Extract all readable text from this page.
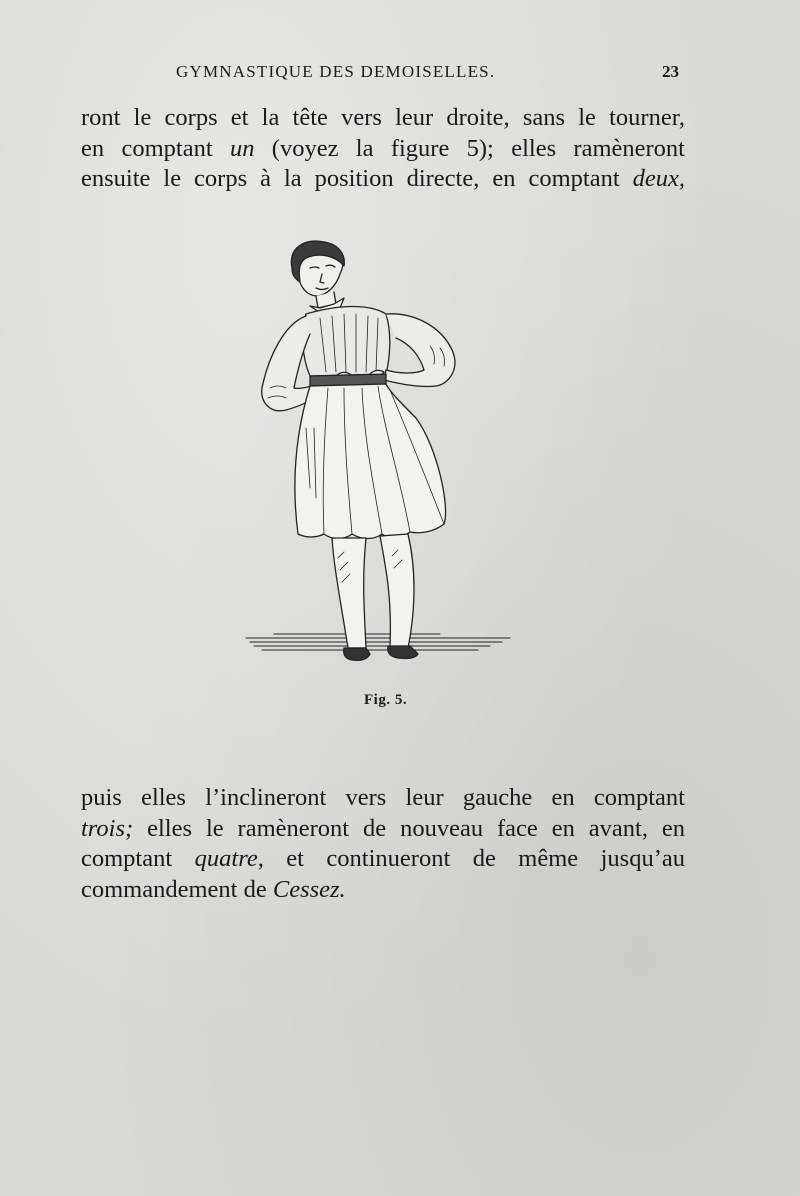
GYMNASTIQUE DES DEMOISELLES.	23
ront le corps et la tête vers leur droite, sans le tourner,
en comptant un (voyez la figure 5); elles ramèneront
ensuite le corps à la position directe, en comptant deux,
Fig. 5.
puis elles l’inclineront vers leur gauche en comptant
trois; elles le ramèneront de nouveau face en avant, en
comptant quatre, et continueront de même jusqu’au
commandement de Cessez.
